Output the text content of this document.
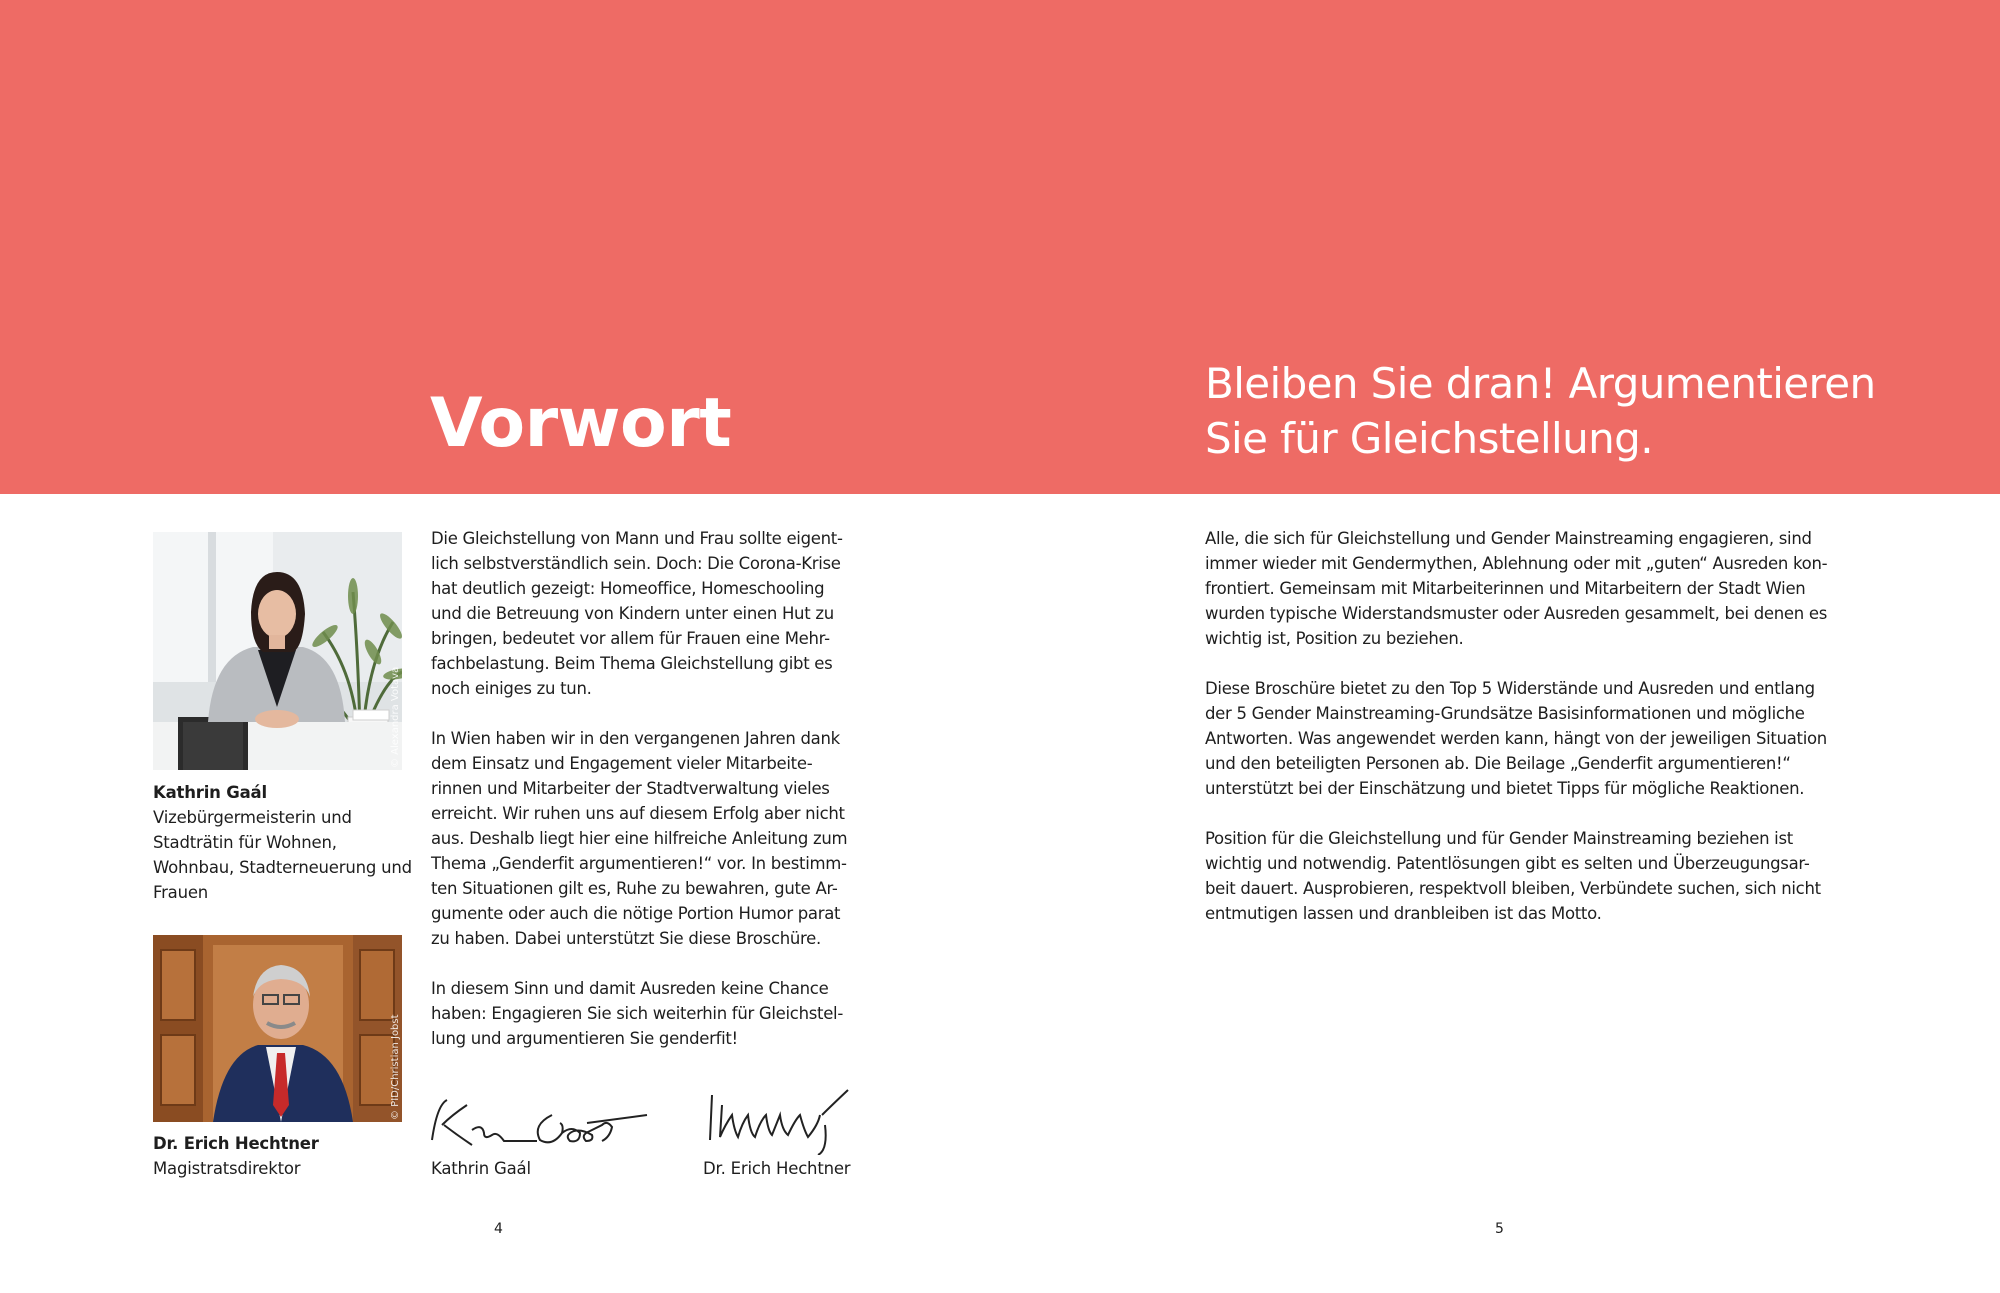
Vorwort
Bleiben Sie dran! Argumentieren Sie für Gleichstellung.
© Alexandra Votava
Kathrin Gaál
Vizebürgermeisterin und Stadträtin für Wohnen, Wohnbau, Stadterneuerung und Frauen
© PID/Christian Jobst
Dr. Erich Hechtner
Magistratsdirektor

Die Gleichstellung von Mann und Frau sollte eigent-
lich selbstverständlich sein. Doch: Die Corona-Krise
hat deutlich gezeigt: Homeoffice, Homeschooling
und die Betreuung von Kindern unter einen Hut zu
bringen, bedeutet vor allem für Frauen eine Mehr-
fachbelastung. Beim Thema Gleichstellung gibt es
noch einiges zu tun.

In Wien haben wir in den vergangenen Jahren dank
dem Einsatz und Engagement vieler Mitarbeite-
rinnen und Mitarbeiter der Stadtverwaltung vieles
erreicht. Wir ruhen uns auf diesem Erfolg aber nicht
aus. Deshalb liegt hier eine hilfreiche Anleitung zum
Thema „Genderfit argumentieren!“ vor. In bestimm-
ten Situationen gilt es, Ruhe zu bewahren, gute Ar-
gumente oder auch die nötige Portion Humor parat
zu haben. Dabei unterstützt Sie diese Broschüre.

In diesem Sinn und damit Ausreden keine Chance
haben: Engagieren Sie sich weiterhin für Gleichstel-
lung und argumentieren Sie genderfit!

Kathrin Gaál	Dr. Erich Hechtner

Alle, die sich für Gleichstellung und Gender Mainstreaming engagieren, sind
immer wieder mit Gendermythen, Ablehnung oder mit „guten“ Ausreden kon-
frontiert. Gemeinsam mit Mitarbeiterinnen und Mitarbeitern der Stadt Wien
wurden typische Widerstandsmuster oder Ausreden gesammelt, bei denen es
wichtig ist, Position zu beziehen.

Diese Broschüre bietet zu den Top 5 Widerstände und Ausreden und entlang
der 5 Gender Mainstreaming-Grundsätze Basisinformationen und mögliche
Antworten. Was angewendet werden kann, hängt von der jeweiligen Situation
und den beteiligten Personen ab. Die Beilage „Genderfit argumentieren!“
unterstützt bei der Einschätzung und bietet Tipps für mögliche Reaktionen.

Position für die Gleichstellung und für Gender Mainstreaming beziehen ist
wichtig und notwendig. Patentlösungen gibt es selten und Überzeugungsar-
beit dauert. Ausprobieren, respektvoll bleiben, Verbündete suchen, sich nicht
entmutigen lassen und dranbleiben ist das Motto.

4	5
